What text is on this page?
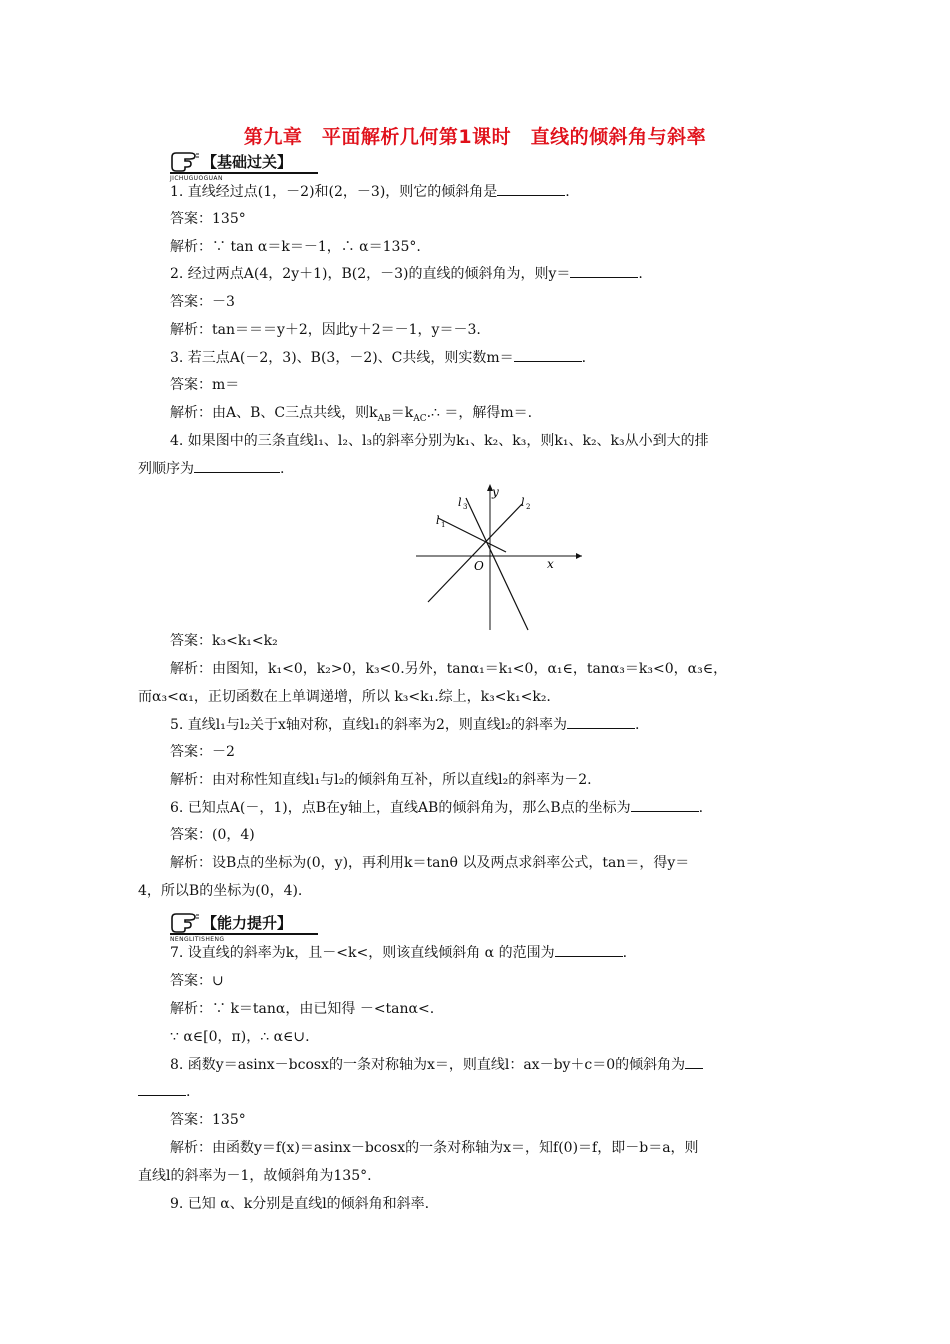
第九章　平面解析几何第1课时　直线的倾斜角与斜率
【基础过关】
JICHUGUOGUAN
1. 直线经过点(1，－2)和(2，－3)，则它的倾斜角是	.
答案：135°
解析：∵ tan α＝k＝－1，∴ α＝135°.
2. 经过两点A(4，2y＋1)，B(2，－3)的直线的倾斜角为，则y＝	.
答案：－3
解析：tan＝＝＝y＋2，因此y＋2＝－1，y＝－3.
3. 若三点A(－2，3)、B(3，－2)、C共线，则实数m＝	.
答案：m＝
解析：由A、B、C三点共线，则$k_{AB}=k_{AC}.\therefore$ ＝，解得m＝.
4. 如果图中的三条直线l₁、l₂、l₃的斜率分别为k₁、k₂、k₃，则k₁、k₂、k₃从小到大的排
列顺序为	.
y
x
O
l 1
l 2
l 3
答案：k₃<k₁<k₂
解析：由图知，k₁<0，k₂>0，k₃<0.另外，tanα₁＝k₁<0，α₁∈，tanα₃＝k₃<0，α₃∈，
而α₃<α₁，正切函数在上单调递增，所以 k₃<k₁.综上，k₃<k₁<k₂.
5. 直线l₁与l₂关于x轴对称，直线l₁的斜率为2，则直线l₂的斜率为	.
答案：－2
解析：由对称性知直线l₁与l₂的倾斜角互补，所以直线l₂的斜率为－2.
6. 已知点A(－，1)，点B在y轴上，直线AB的倾斜角为，那么B点的坐标为	.
答案：(0，4)
解析：设B点的坐标为(0，y)，再利用k＝tanθ 以及两点求斜率公式，tan＝，得y＝
4，所以B的坐标为(0，4).
【能力提升】
NENGLITISHENG
7. 设直线的斜率为k，且－<k<，则该直线倾斜角 α 的范围为	.
答案：∪
解析：∵ k＝tanα，由已知得 －<tanα<.
∵ α∈[0，π)，∴ α∈∪.
8. 函数y＝asinx－bcosx的一条对称轴为x＝，则直线l：ax－by＋c＝0的倾斜角为
.
答案：135°
解析：由函数y＝f(x)＝asinx－bcosx的一条对称轴为x＝，知f(0)＝f，即－b＝a，则
直线l的斜率为－1，故倾斜角为135°.
9. 已知 α、k分别是直线l的倾斜角和斜率.
